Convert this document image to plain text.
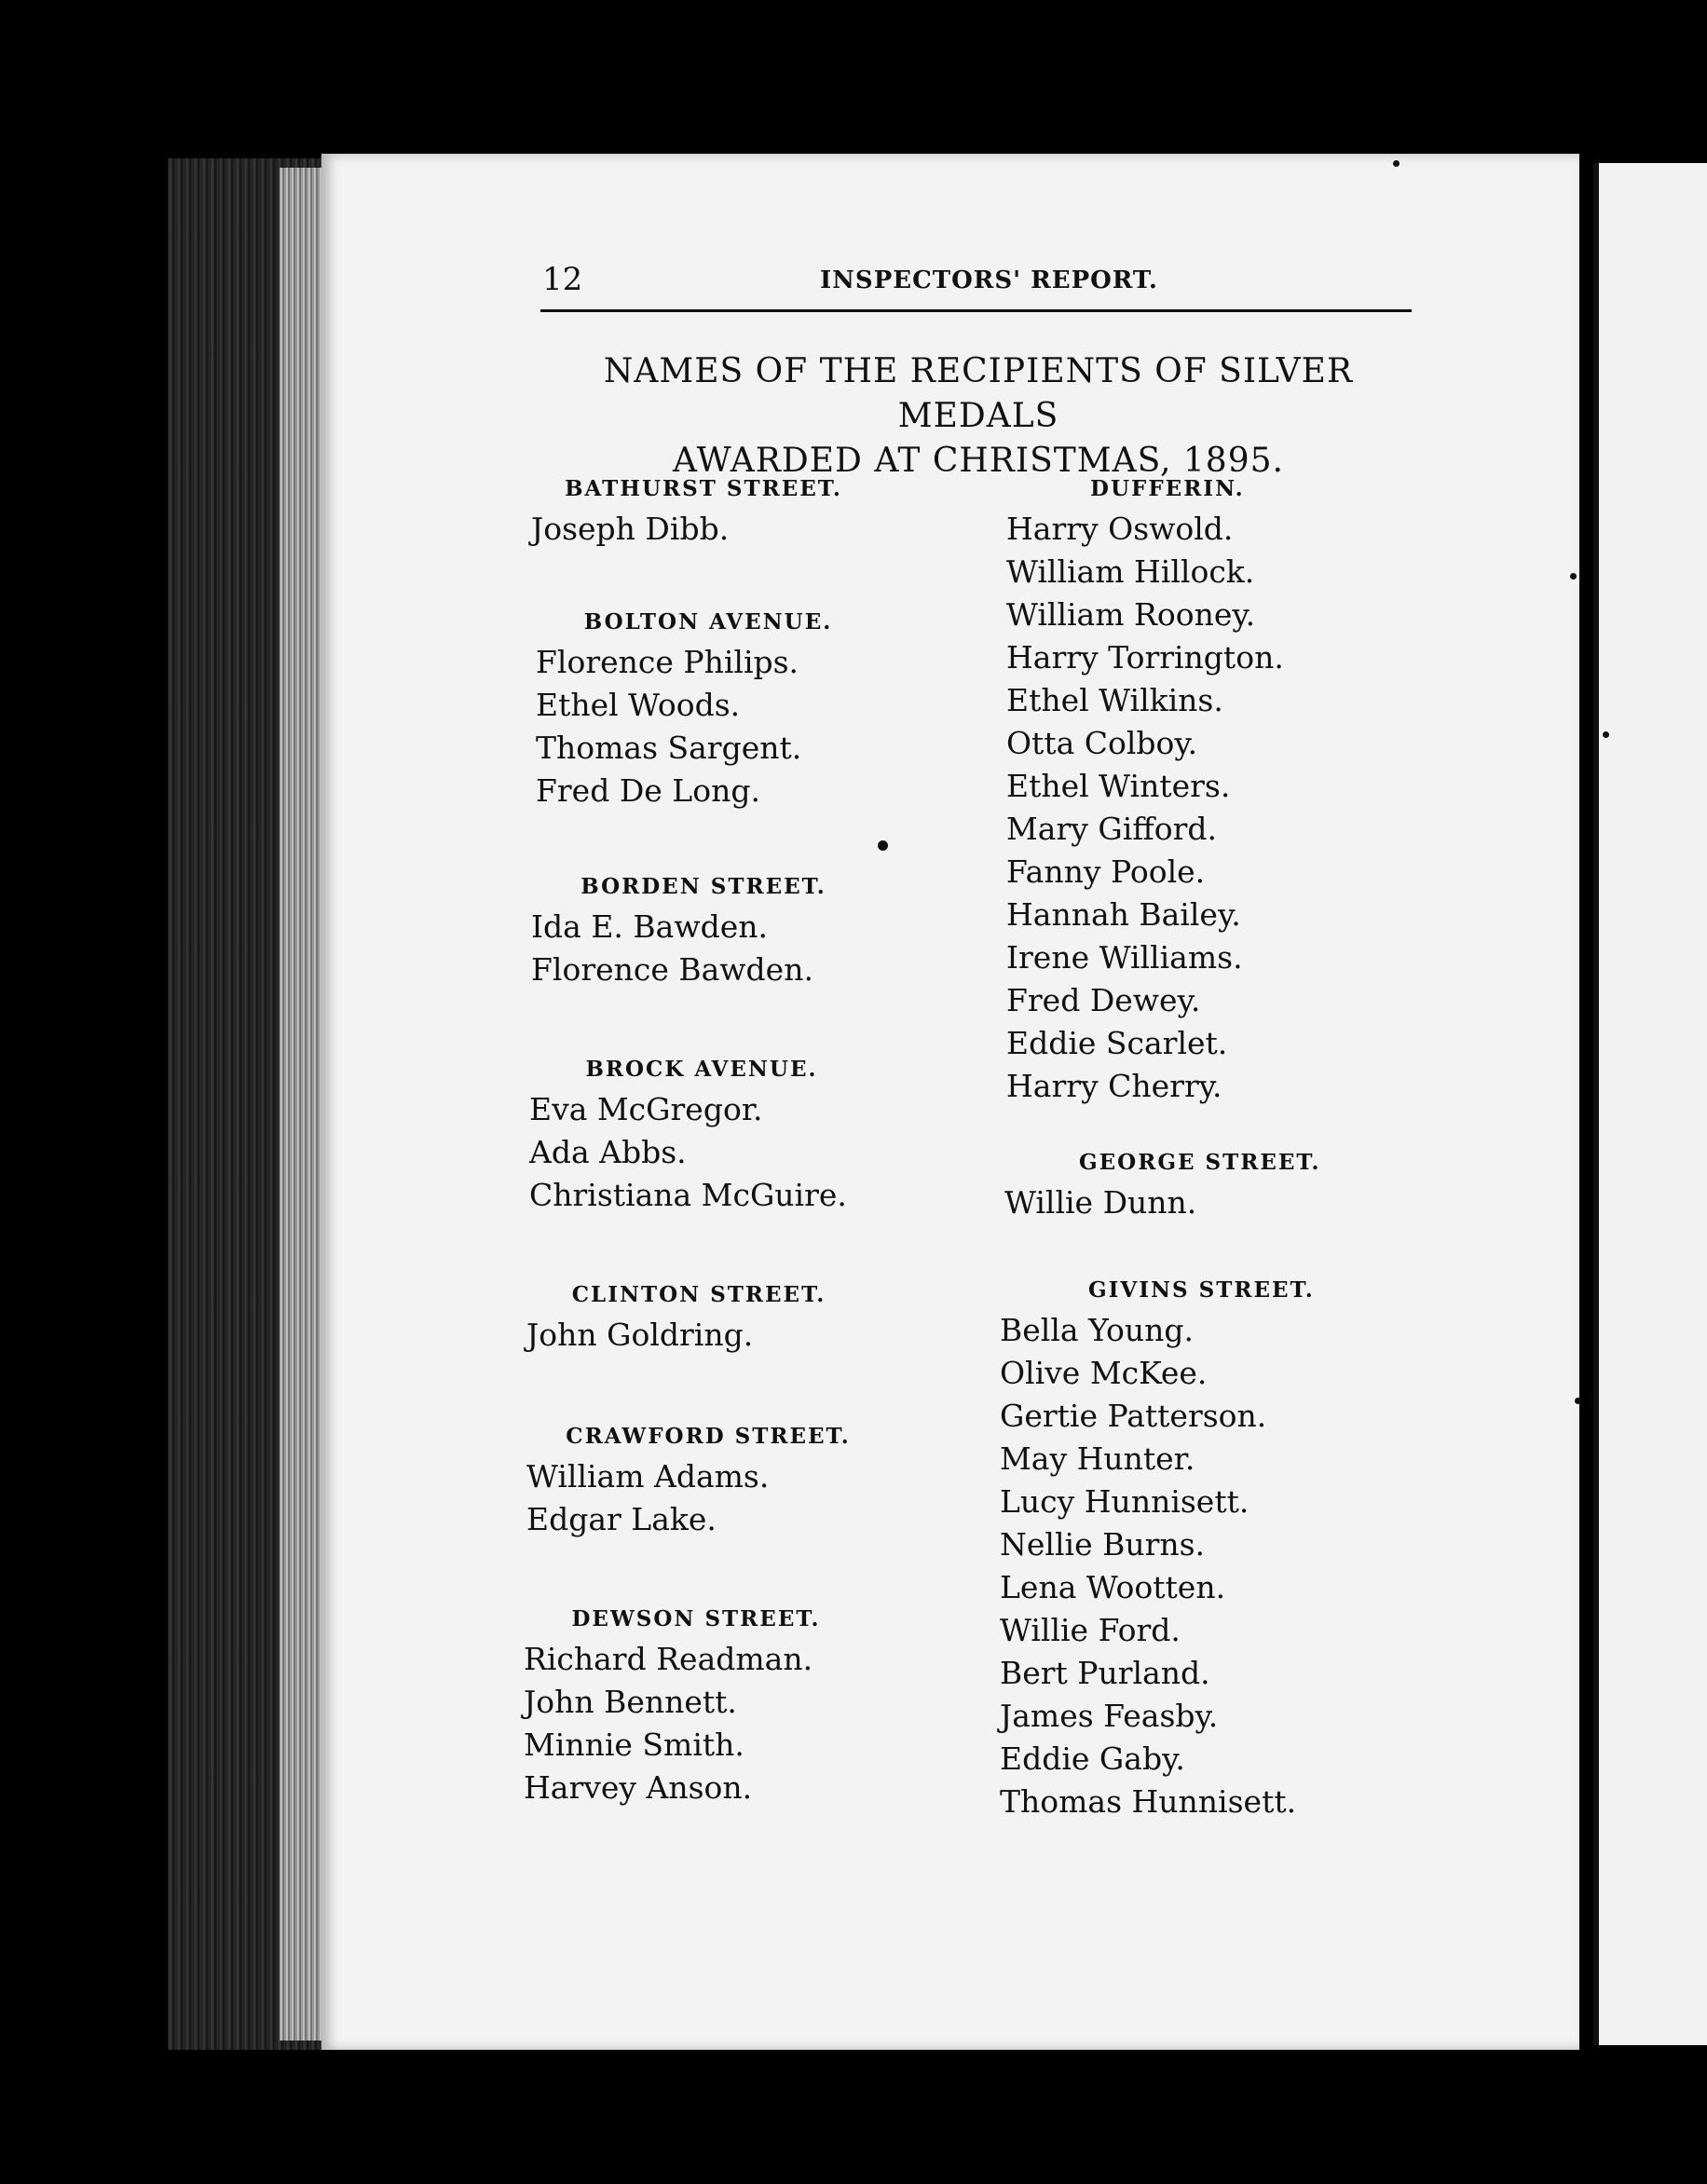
12	INSPECTORS' REPORT.
NAMES OF THE RECIPIENTS OF SILVER MEDALS
AWARDED AT CHRISTMAS, 1895.
BATHURST STREET.
Joseph Dibb.
BOLTON AVENUE.
Florence Philips.
Ethel Woods.
Thomas Sargent.
Fred De Long.
BORDEN STREET.
Ida E. Bawden.
Florence Bawden.
BROCK AVENUE.
Eva McGregor.
Ada Abbs.
Christiana McGuire.
CLINTON STREET.
John Goldring.
CRAWFORD STREET.
William Adams.
Edgar Lake.
DEWSON STREET.
Richard Readman.
John Bennett.
Minnie Smith.
Harvey Anson.
DUFFERIN.
Harry Oswold.
William Hillock.
William Rooney.
Harry Torrington.
Ethel Wilkins.
Otta Colboy.
Ethel Winters.
Mary Gifford.
Fanny Poole.
Hannah Bailey.
Irene Williams.
Fred Dewey.
Eddie Scarlet.
Harry Cherry.
GEORGE STREET.
Willie Dunn.
GIVINS STREET.
Bella Young.
Olive McKee.
Gertie Patterson.
May Hunter.
Lucy Hunnisett.
Nellie Burns.
Lena Wootten.
Willie Ford.
Bert Purland.
James Feasby.
Eddie Gaby.
Thomas Hunnisett.
